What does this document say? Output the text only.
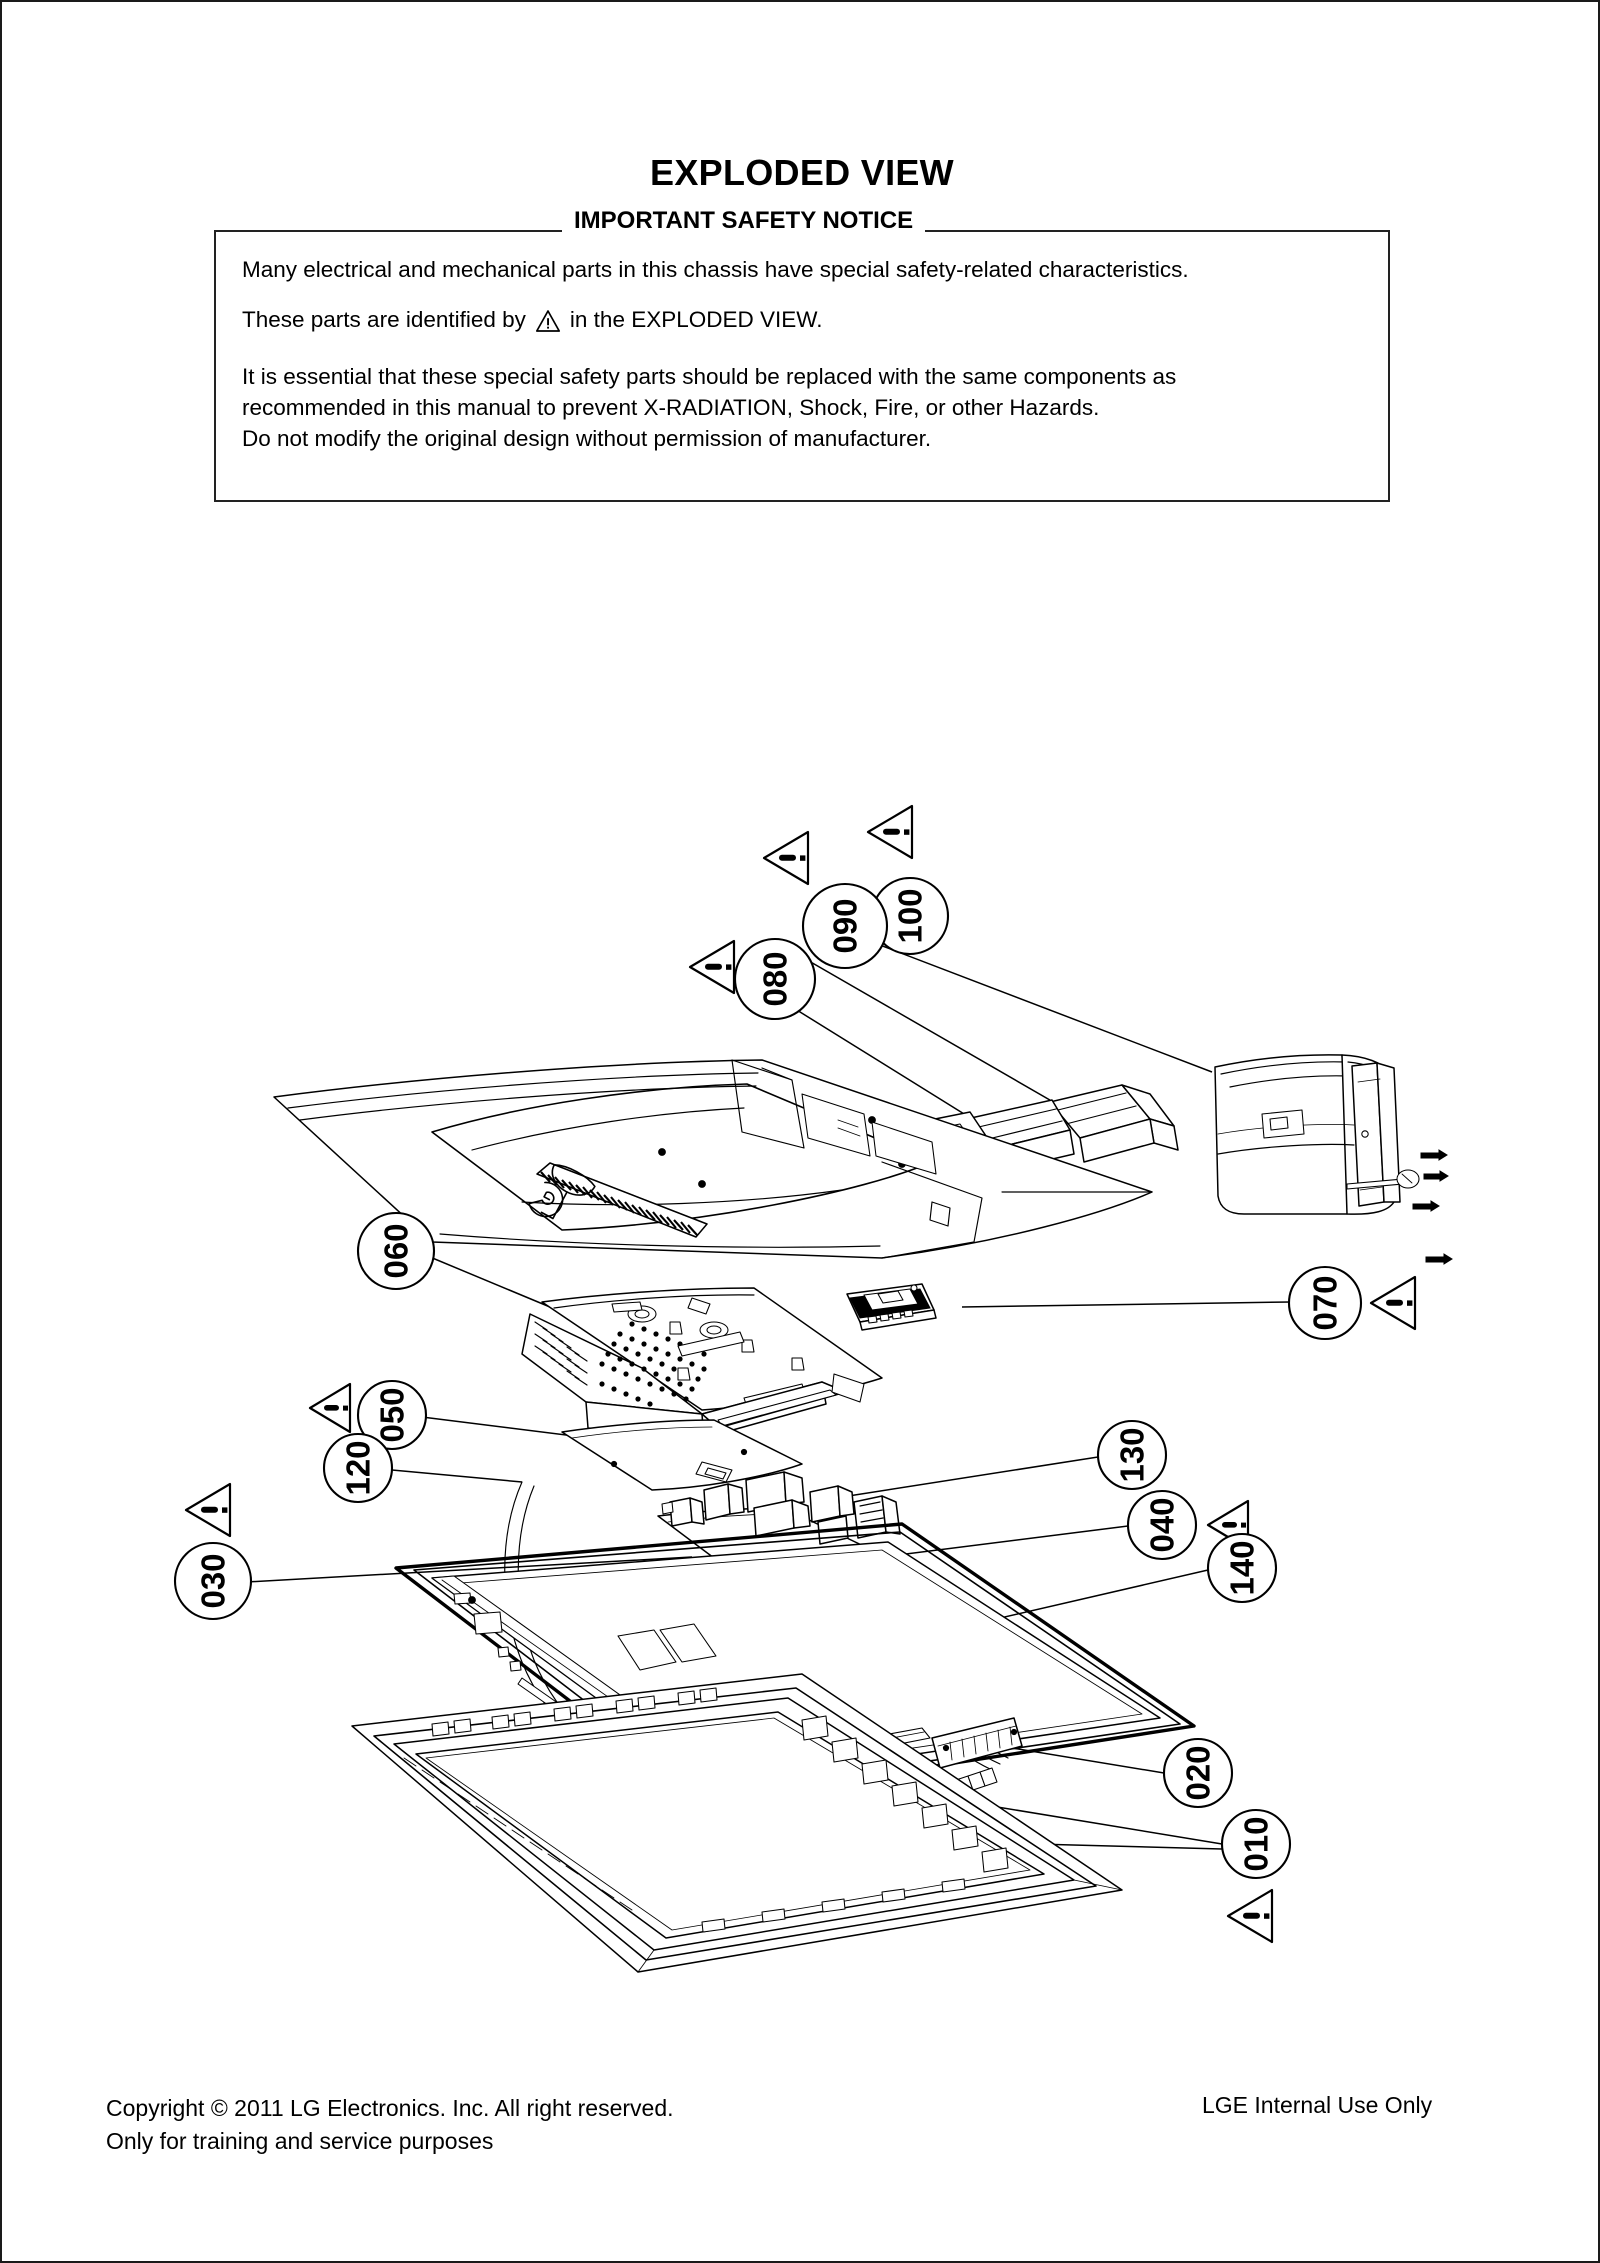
EXPLODED VIEW
IMPORTANT SAFETY NOTICE

Many electrical and mechanical parts in this chassis have special safety-related characteristics.

These parts are identified by in the EXPLODED VIEW.

It is essential that these special safety parts should be replaced with the same components as

recommended in this manual to prevent X-RADIATION, Shock, Fire, or other Hazards.

Do not modify the original design without permission of manufacturer.

100
090
080
060
070
050
120	130
040
140
030
020
010
Copyright © 2011 LG Electronics. Inc. All right reserved.
Only for training and service purposes
LGE Internal Use Only
